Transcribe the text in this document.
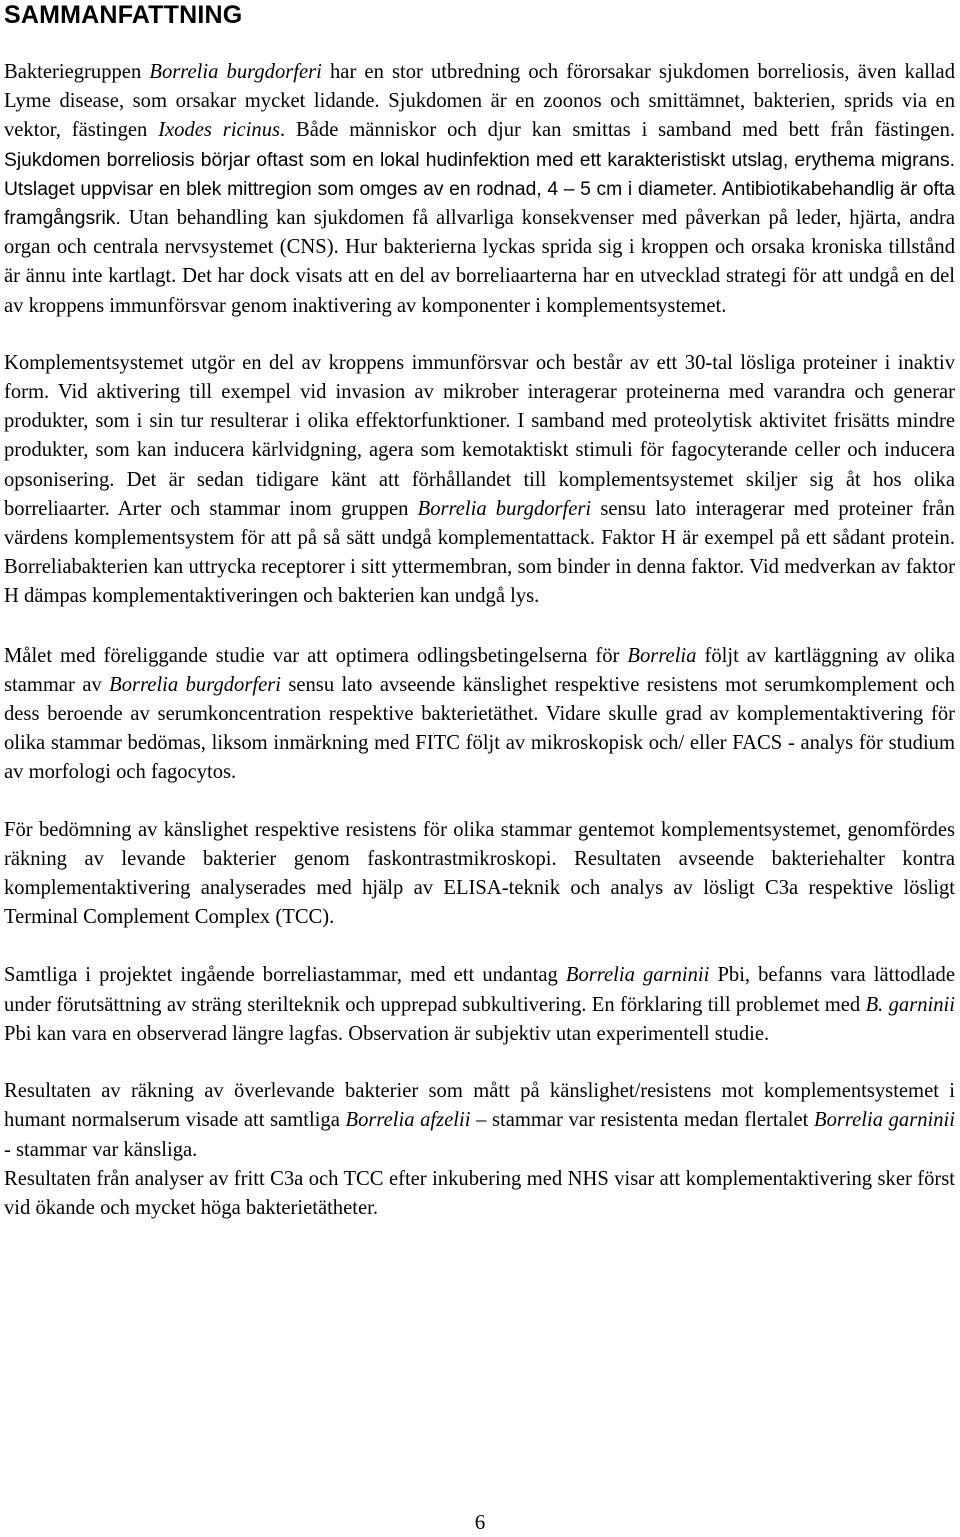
SAMMANFATTNING

Bakteriegruppen Borrelia burgdorferi har en stor utbredning och förorsakar sjukdomen borreliosis, även kallad Lyme disease, som orsakar mycket lidande. Sjukdomen är en zoonos och smittämnet, bakterien, sprids via en vektor, fästingen Ixodes ricinus. Både människor och djur kan smittas i samband med bett från fästingen. Sjukdomen borreliosis börjar oftast som en lokal hudinfektion med ett karakteristiskt utslag, erythema migrans. Utslaget uppvisar en blek mittregion som omges av en rodnad, 4 – 5 cm i diameter. Antibiotikabehandlig är ofta framgångsrik. Utan behandling kan sjukdomen få allvarliga konsekvenser med påverkan på leder, hjärta, andra organ och centrala nervsystemet (CNS). Hur bakterierna lyckas sprida sig i kroppen och orsaka kroniska tillstånd är ännu inte kartlagt. Det har dock visats att en del av borreliaarterna har en utvecklad strategi för att undgå en del av kroppens immunförsvar genom inaktivering av komponenter i komplementsystemet.

Komplementsystemet utgör en del av kroppens immunförsvar och består av ett 30-tal lösliga proteiner i inaktiv form. Vid aktivering till exempel vid invasion av mikrober interagerar proteinerna med varandra och generar produkter, som i sin tur resulterar i olika effektorfunktioner. I samband med proteolytisk aktivitet frisätts mindre produkter, som kan inducera kärlvidgning, agera som kemotaktiskt stimuli för fagocyterande celler och inducera opsonisering. Det är sedan tidigare känt att förhållandet till komplementsystemet skiljer sig åt hos olika borreliaarter. Arter och stammar inom gruppen Borrelia burgdorferi sensu lato interagerar med proteiner från värdens komplementsystem för att på så sätt undgå komplementattack. Faktor H är exempel på ett sådant protein. Borreliabakterien kan uttrycka receptorer i sitt yttermembran, som binder in denna faktor. Vid medverkan av faktor H dämpas komplementaktiveringen och bakterien kan undgå lys.

Målet med föreliggande studie var att optimera odlingsbetingelserna för Borrelia följt av kartläggning av olika stammar av Borrelia burgdorferi sensu lato avseende känslighet respektive resistens mot serumkomplement och dess beroende av serumkoncentration respektive bakterietäthet. Vidare skulle grad av komplementaktivering för olika stammar bedömas, liksom inmärkning med FITC följt av mikroskopisk och/ eller FACS - analys för studium av morfologi och fagocytos.

För bedömning av känslighet respektive resistens för olika stammar gentemot komplementsystemet, genomfördes räkning av levande bakterier genom faskontrastmikroskopi. Resultaten avseende bakteriehalter kontra komplementaktivering analyserades med hjälp av ELISA-teknik och analys av lösligt C3a respektive lösligt Terminal Complement Complex (TCC).

Samtliga i projektet ingående borreliastammar, med ett undantag Borrelia garninii Pbi, befanns vara lättodlade under förutsättning av sträng sterilteknik och upprepad subkultivering. En förklaring till problemet med B. garninii Pbi kan vara en observerad längre lagfas. Observation är subjektiv utan experimentell studie.

Resultaten av räkning av överlevande bakterier som mått på känslighet/resistens mot komplementsystemet i humant normalserum visade att samtliga Borrelia afzelii – stammar var resistenta medan flertalet Borrelia garninii - stammar var känsliga.

Resultaten från analyser av fritt C3a och TCC efter inkubering med NHS visar att komplementaktivering sker först vid ökande och mycket höga bakterietätheter.

6
